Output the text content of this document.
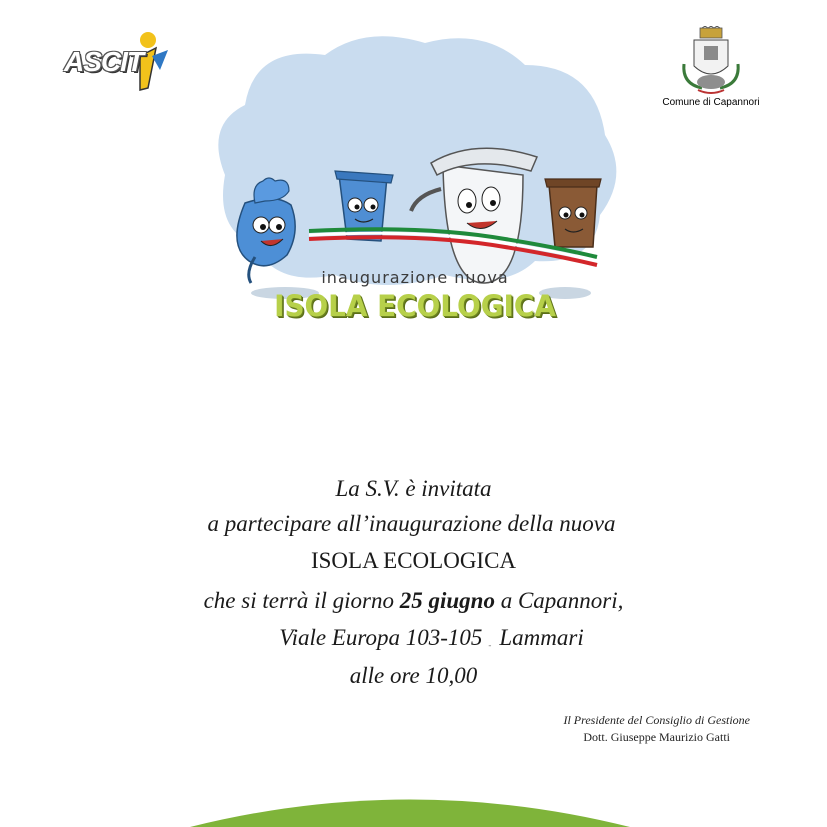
ASCIT
Comune di Capannori
inaugurazione nuova
ISOLA ECOLOGICA
La S.V. è invitata
a partecipare all’inaugurazione della nuova
ISOLA ECOLOGICA
che si terrà il giorno 25 giugno a Capannori,
Viale Europa 103-105 - Lammari
alle ore 10,00
Il Presidente del Consiglio di Gestione
Dott. Giuseppe Maurizio Gatti
